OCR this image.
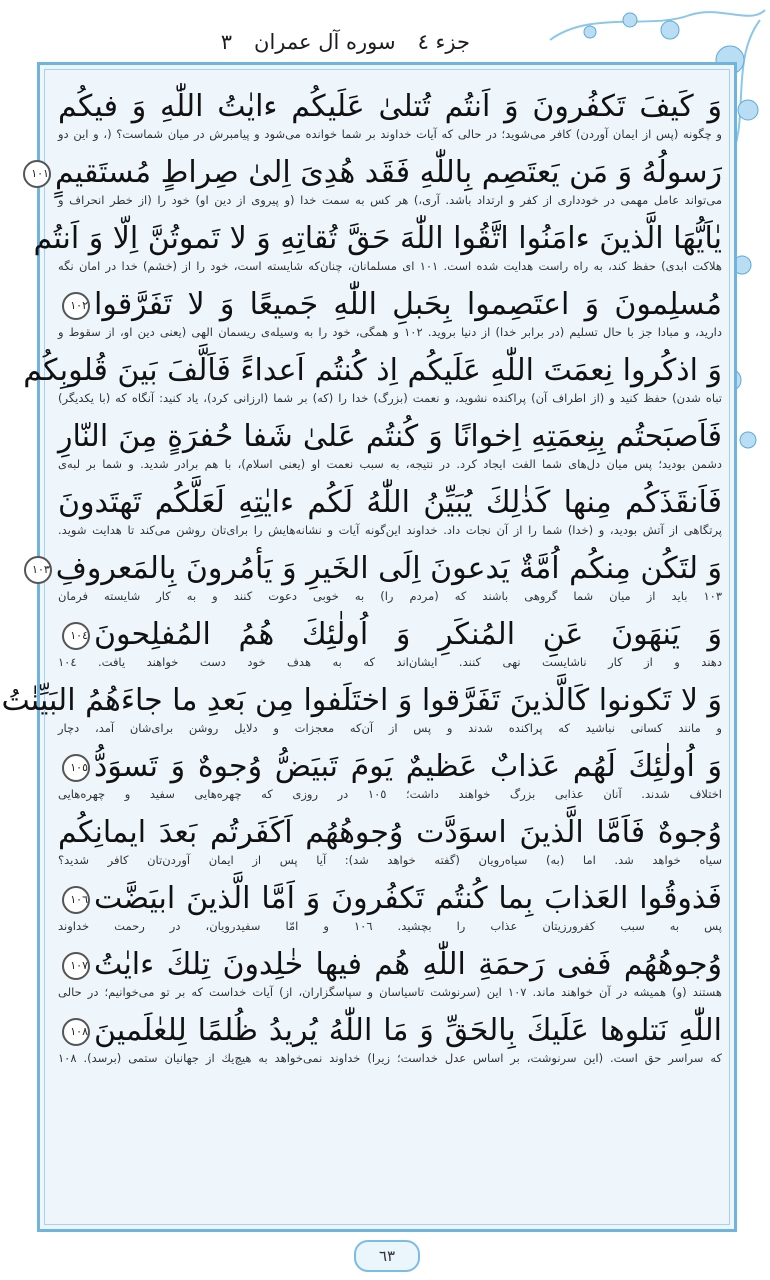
جزء ٤
سوره آل عمران
٣
وَ كَيفَ تَكفُرونَ وَ اَنتُم تُتلىٰ عَلَيكُم ءايٰتُ اللّٰهِ وَ فيكُم
و چگونه (پس از ايمان آوردن) كافر مى‌شويد؛ در حالى كه آيات خداوند بر شما خوانده مى‌شود و پيامبرش در ميان شماست؟ (، و اين دو
رَسولُهُ وَ مَن يَعتَصِم بِاللّٰهِ فَقَد هُدِىَ اِلىٰ صِراطٍ مُستَقيمٍ١٠١
مى‌تواند عامل مهمى در خوددارى از كفر و ارتداد باشد. آرى،) هر كس به سمت خدا (و پيروى از دين او) خود را (از خطر انحراف و
يٰاَيُّهَا الَّذينَ ءامَنُوا اتَّقُوا اللّٰهَ حَقَّ تُقاتِهِ وَ لا تَموتُنَّ اِلّا وَ اَنتُم
هلاكت ابدى) حفظ كند، به راه راست هدايت شده است. ١٠١ اى مسلمانان، چنان‌كه شايسته است، خود را از (خشم) خدا در امان نگه
مُسلِمونَ وَ اعتَصِموا بِحَبلِ اللّٰهِ جَميعًا وَ لا تَفَرَّقوا١٠٢
داريد، و مبادا جز با حال تسليم (در برابر خدا) از دنيا برويد. ١٠٢ و همگى، خود را به وسيله‌ى ريسمان الهى (يعنى دين او، از سقوط و
وَ اذكُروا نِعمَتَ اللّٰهِ عَلَيكُم اِذ كُنتُم اَعداءً فَاَلَّفَ بَينَ قُلوبِكُم
تباه شدن) حفظ كنيد و (از اطراف آن) پراكنده نشويد، و نعمت (بزرگ) خدا را (كه) بر شما (ارزانى كرد)، ياد كنيد: آنگاه كه (با يكديگر)
فَاَصبَحتُم بِنِعمَتِهِ اِخوانًا وَ كُنتُم عَلىٰ شَفا حُفرَةٍ مِنَ النّارِ
دشمن بوديد؛ پس ميان دل‌هاى شما الفت ايجاد كرد. در نتيجه، به سبب نعمت او (يعنى اسلام)، با هم برادر شديد. و شما بر لبه‌ى
فَاَنقَذَكُم مِنها كَذٰلِكَ يُبَيِّنُ اللّٰهُ لَكُم ءايٰتِهِ لَعَلَّكُم تَهتَدونَ
پرتگاهى از آتش بوديد، و (خدا) شما را از آن نجات داد. خداوند اين‌گونه آيات و نشانه‌هايش را براى‌تان روشن مى‌كند تا هدايت شويد.
وَ لتَكُن مِنكُم اُمَّةٌ يَدعونَ اِلَى الخَيرِ وَ يَأمُرونَ بِالمَعروفِ١٠٣
١٠٣ بايد از ميان شما گروهى باشند كه (مردم را) به خوبى دعوت كنند و به كار شايسته فرمان
وَ يَنهَونَ عَنِ المُنكَرِ وَ اُولٰئِكَ هُمُ المُفلِحونَ١٠٤
دهند و از كار ناشايست نهى كنند. ايشان‌اند كه به هدف خود دست خواهند يافت. ١٠٤
وَ لا تَكونوا كَالَّذينَ تَفَرَّقوا وَ اختَلَفوا مِن بَعدِ ما جاءَهُمُ البَيِّنٰتُ
و مانند كسانى نباشيد كه پراكنده شدند و پس از آن‌كه معجزات و دلايل روشن براى‌شان آمد، دچار
وَ اُولٰئِكَ لَهُم عَذابٌ عَظيمٌ يَومَ تَبيَضُّ وُجوهٌ وَ تَسوَدُّ١٠٥
اختلاف شدند. آنان عذابى بزرگ خواهند داشت؛ ١٠٥ در روزى كه چهره‌هايى سفيد و چهره‌هايى
وُجوهٌ فَاَمَّا الَّذينَ اسوَدَّت وُجوهُهُم اَكَفَرتُم بَعدَ ايمانِكُم
سياه خواهد شد. اما (به) سياه‌رويان (گفته خواهد شد): آيا پس از ايمان آوردن‌تان كافر شديد؟
فَذوقُوا العَذابَ بِما كُنتُم تَكفُرونَ وَ اَمَّا الَّذينَ ابيَضَّت١٠٦
پس به سبب كفرورزيتان عذاب را بچشيد. ١٠٦ و امّا سفيدرويان، در رحمت خداوند
وُجوهُهُم فَفى رَحمَةِ اللّٰهِ هُم فيها خٰلِدونَ تِلكَ ءايٰتُ١٠٧
هستند (و) هميشه در آن خواهند ماند. ١٠٧ اين (سرنوشت تاسياسان و سپاسگزاران، از) آيات خداست كه بر تو مى‌خوانيم؛ در حالى
اللّٰهِ نَتلوها عَلَيكَ بِالحَقِّ وَ مَا اللّٰهُ يُريدُ ظُلمًا لِلعٰلَمينَ١٠٨
كه سراسر حق است. (اين سرنوشت، بر اساس عدل خداست؛ زيرا) خداوند نمى‌خواهد به هيچ‌يك از جهانيان ستمى (برسد). ١٠٨
٦٣
